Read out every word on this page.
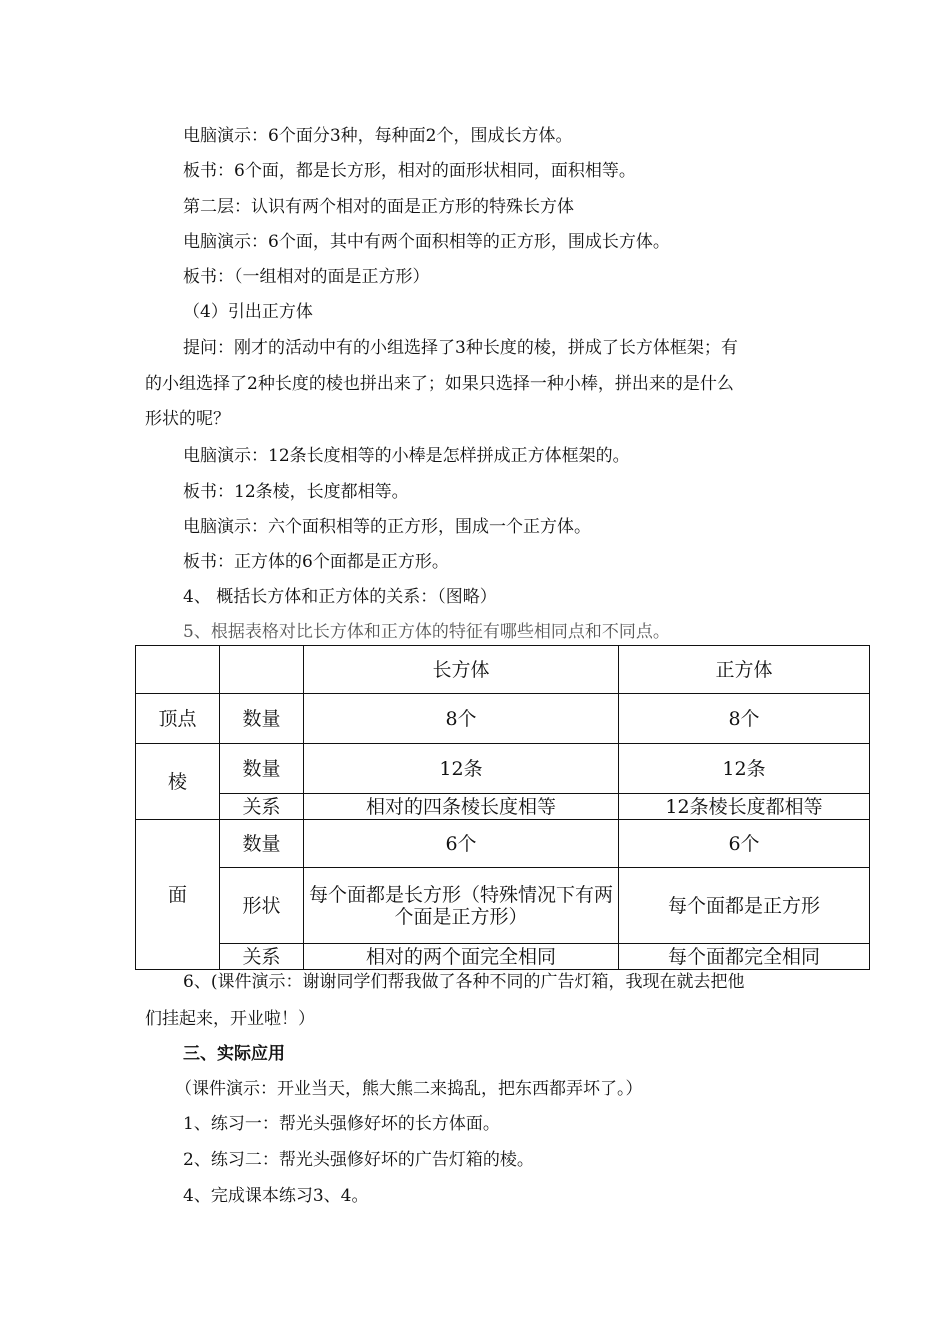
电脑演示：6个面分3种，每种面2个，围成长方体。
板书：6个面，都是长方形，相对的面形状相同，面积相等。
第二层：认识有两个相对的面是正方形的特殊长方体
电脑演示：6个面，其中有两个面积相等的正方形，围成长方体。
板书：（一组相对的面是正方形）
（4）引出正方体
提问：刚才的活动中有的小组选择了3种长度的棱，拼成了长方体框架；有
的小组选择了2种长度的棱也拼出来了；如果只选择一种小棒，拼出来的是什么
形状的呢？
电脑演示：12条长度相等的小棒是怎样拼成正方体框架的。
板书：12条棱，长度都相等。
电脑演示：六个面积相等的正方形，围成一个正方体。
板书：正方体的6个面都是正方形。
4、 概括长方体和正方体的关系：（图略）
5、根据表格对比长方体和正方体的特征有哪些相同点和不同点。
		长方体	正方体
顶点	数量	8个	8个
棱	数量	12条	12条
	关系	相对的四条棱长度相等	12条棱长度都相等
面	数量	6个	6个
	形状	每个面都是长方形（特殊情况下有两个面是正方形）	每个面都是正方形
	关系	相对的两个面完全相同	每个面都完全相同
6、(课件演示：谢谢同学们帮我做了各种不同的广告灯箱，我现在就去把他
们挂起来，开业啦！）
三、实际应用
（课件演示：开业当天，熊大熊二来捣乱，把东西都弄坏了。）
1、练习一：帮光头强修好坏的长方体面。
2、练习二：帮光头强修好坏的广告灯箱的棱。
4、完成课本练习3、4。
